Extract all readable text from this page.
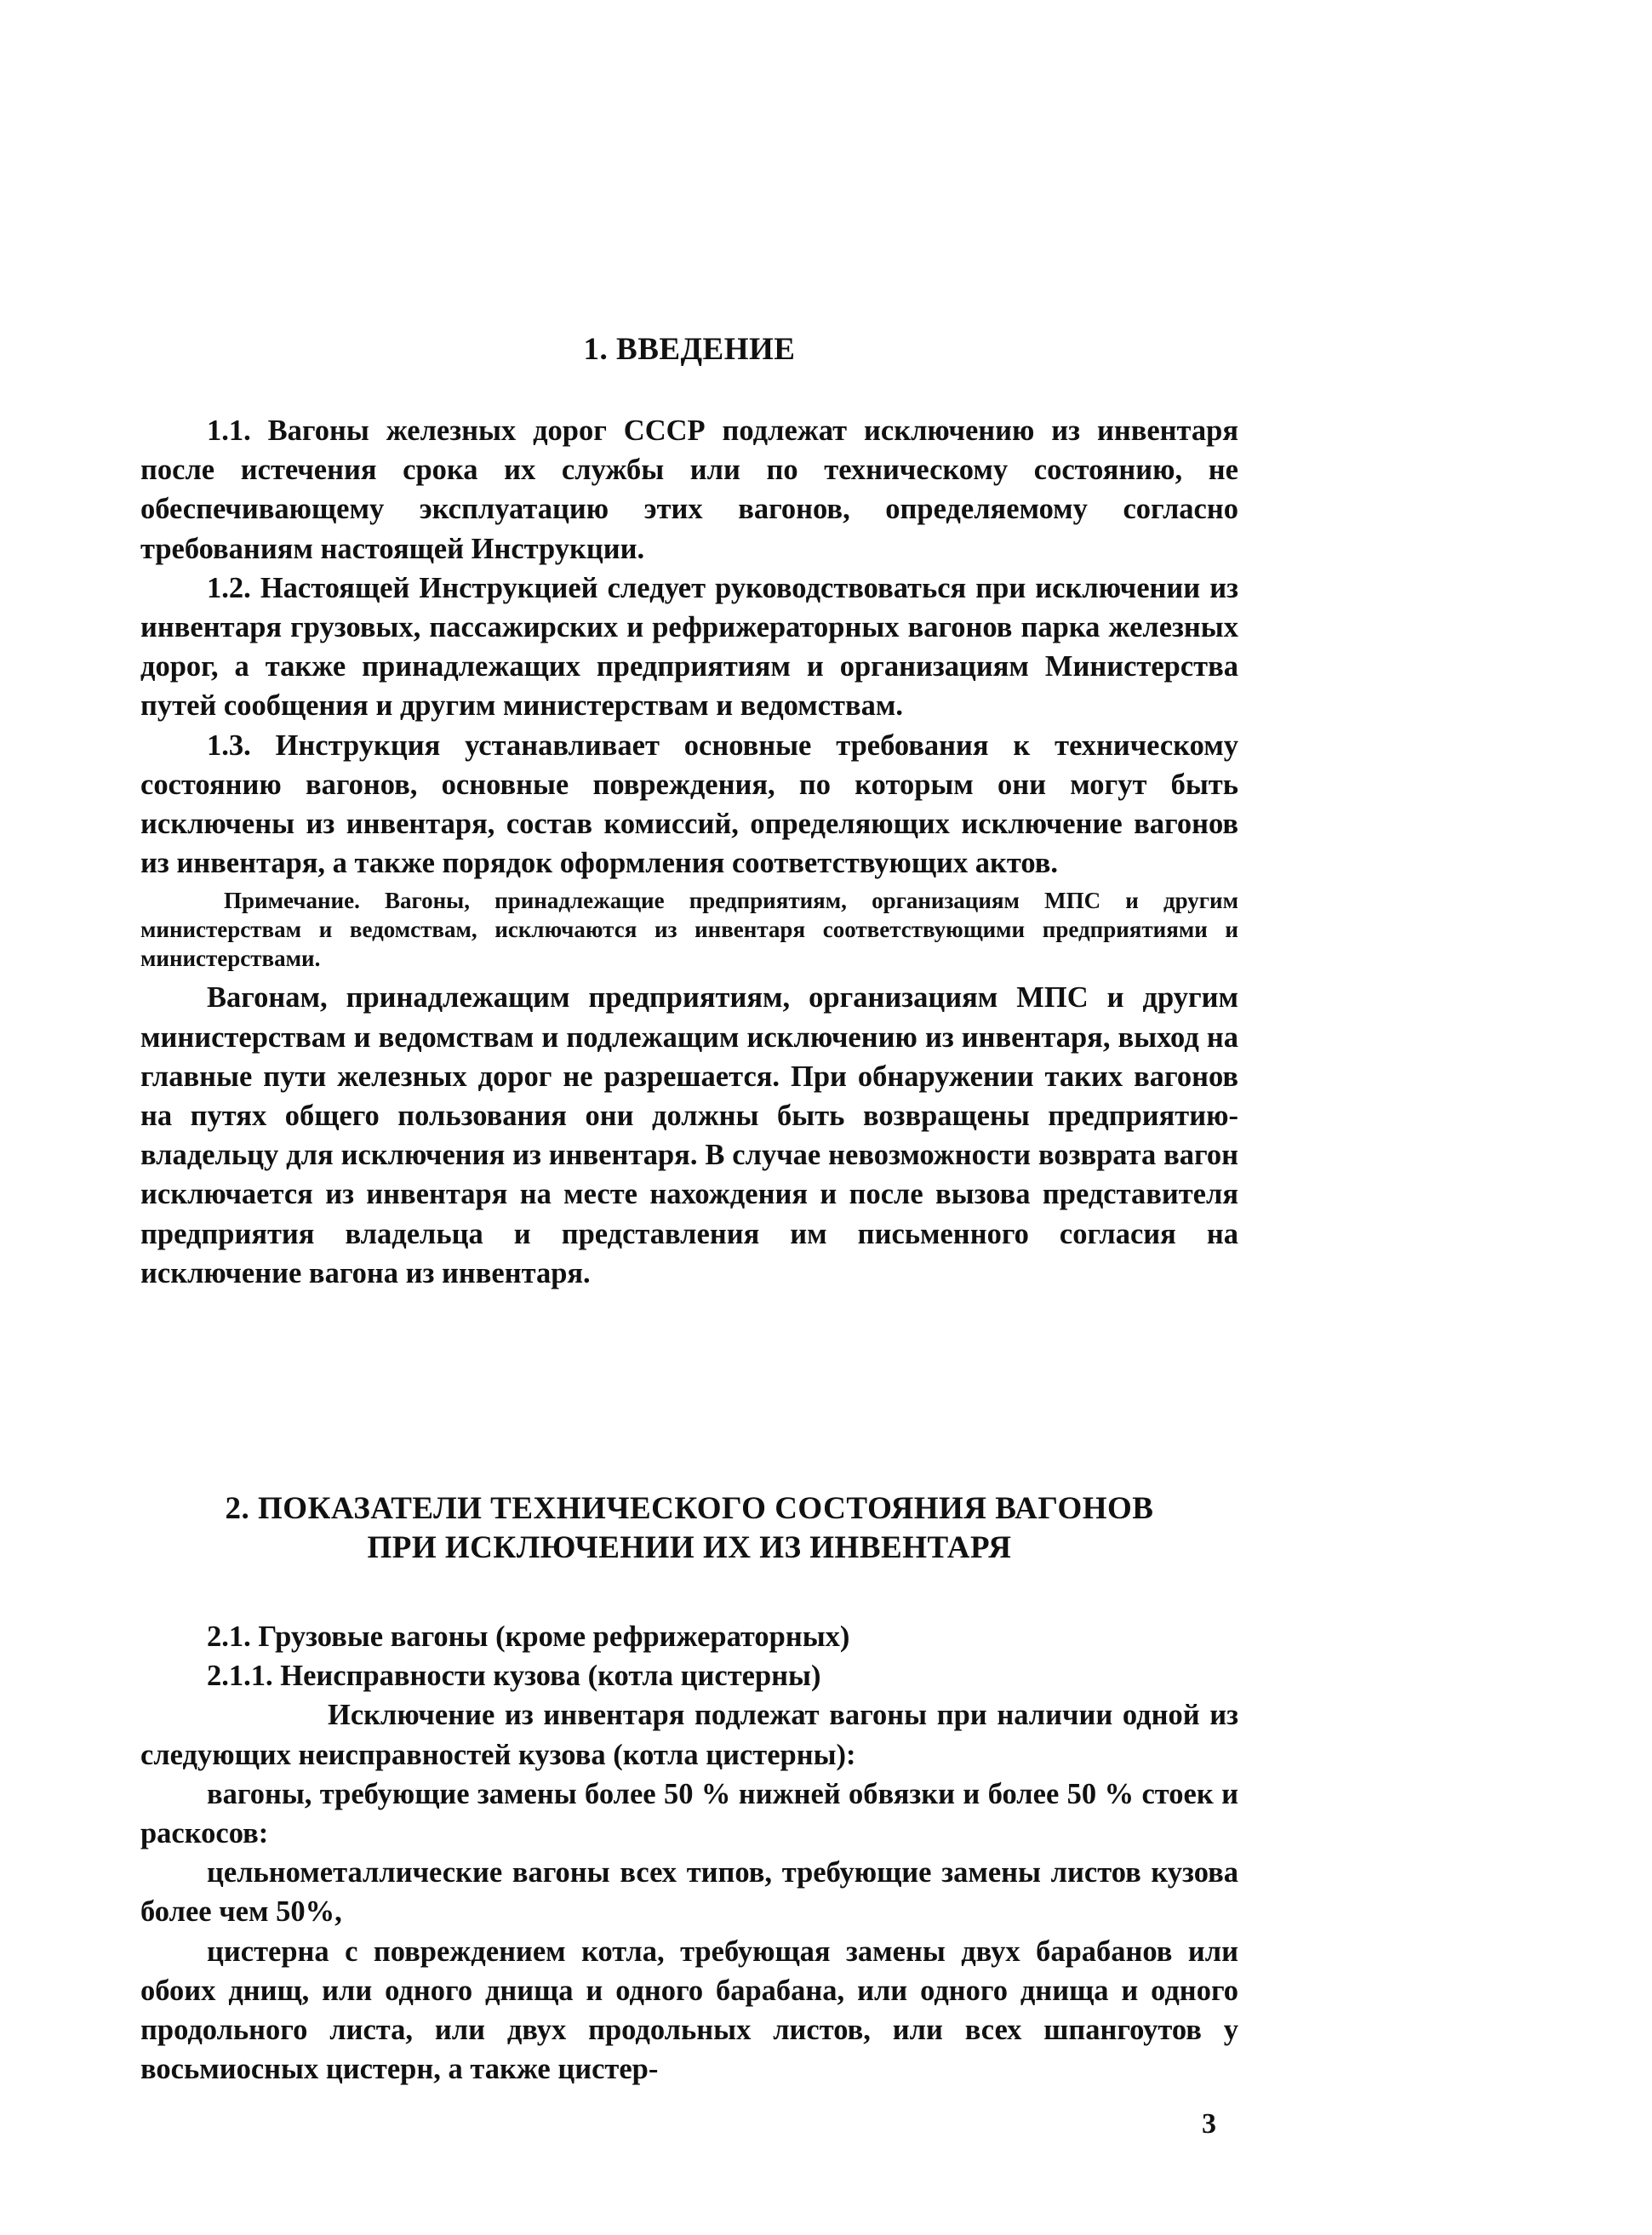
1. ВВЕДЕНИЕ

1.1. Вагоны железных дорог СССР подлежат исключению из инвентаря после истечения срока их службы или по техническому состоянию, не обеспечивающему эксплуатацию этих вагонов, определяемому согласно требованиям настоящей Инструкции.

1.2. Настоящей Инструкцией следует руководствоваться при исключении из инвентаря грузовых, пассажирских и рефрижераторных вагонов парка железных дорог, а также принадлежащих предприятиям и организациям Министерства путей сообщения и другим министерствам и ведомствам.

1.3. Инструкция устанавливает основные требования к техническому состоянию вагонов, основные повреждения, по которым они могут быть исключены из инвентаря, состав комиссий, определяющих исключение вагонов из инвентаря, а также порядок оформления соответствующих актов.

Примечание. Вагоны, принадлежащие предприятиям, организациям МПС и другим министерствам и ведомствам, исключаются из инвентаря соответствующими предприятиями и министерствами.

Вагонам, принадлежащим предприятиям, организациям МПС и другим министерствам и ведомствам и подлежащим исключению из инвентаря, выход на главные пути железных дорог не разрешается. При обнаружении таких вагонов на путях общего пользования они должны быть возвращены предприятию-владельцу для исключения из инвентаря. В случае невозможности возврата вагон исключается из инвентаря на месте нахождения и после вызова представителя предприятия владельца и представления им письменного согласия на исключение вагона из инвентаря.

2. ПОКАЗАТЕЛИ ТЕХНИЧЕСКОГО СОСТОЯНИЯ ВАГОНОВ
ПРИ ИСКЛЮЧЕНИИ ИХ ИЗ ИНВЕНТАРЯ

2.1. Грузовые вагоны (кроме рефрижераторных)

2.1.1. Неисправности кузова (котла цистерны)

Исключение из инвентаря подлежат вагоны при наличии одной из следующих неисправностей кузова (котла цистерны):

вагоны, требующие замены более 50 % нижней обвязки и более 50 % стоек и раскосов:

цельнометаллические вагоны всех типов, требующие замены листов кузова более чем 50%,

цистерна с повреждением котла, требующая замены двух барабанов или обоих днищ, или одного днища и одного барабана, или одного днища и одного продольного листа, или двух продольных листов, или всех шпангоутов у восьмиосных цистерн, а также цистер-

3
